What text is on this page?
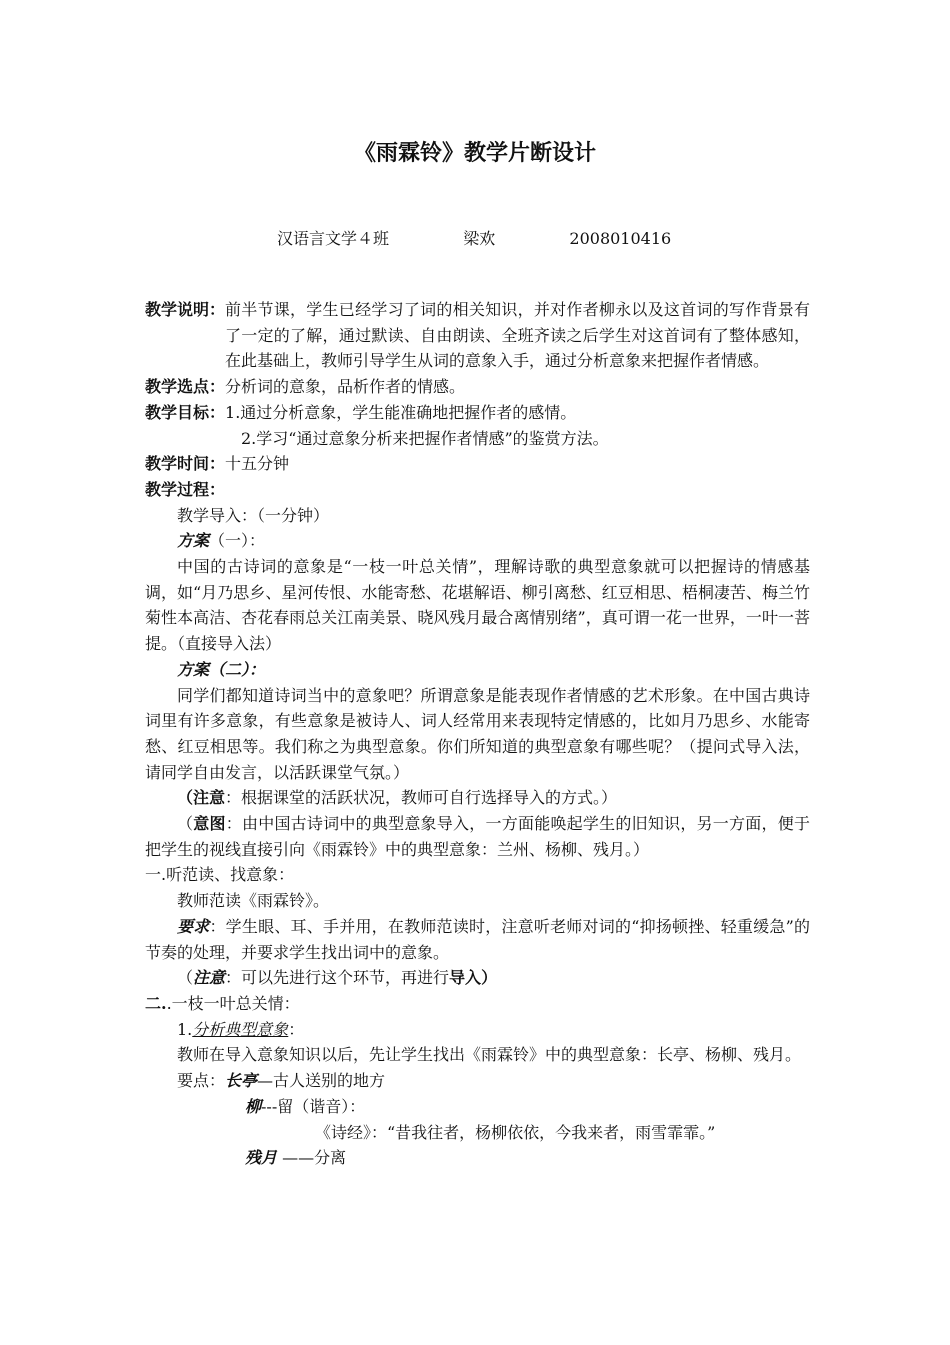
《雨霖铃》教学片断设计
汉语言文学４班	梁欢	2008010416
教学说明： 前半节课，学生已经学习了词的相关知识，并对作者柳永以及这首词的写作背景有了一定的了解，通过默读、自由朗读、全班齐读之后学生对这首词有了整体感知，在此基础上，教师引导学生从词的意象入手，通过分析意象来把握作者情感。
教学选点： 分析词的意象，品析作者的情感。
教学目标： 1.通过分析意象，学生能准确地把握作者的感情。

2.学习“通过意象分析来把握作者情感”的鉴赏方法。

教学时间： 十五分钟

教学过程：

教学导入：（一分钟）

方案（一）：

中国的古诗词的意象是“一枝一叶总关情”，理解诗歌的典型意象就可以把握诗的情感基调，如“月乃思乡、星河传恨、水能寄愁、花堪解语、柳引离愁、红豆相思、梧桐凄苦、梅兰竹菊性本高洁、杏花春雨总关江南美景、晓风残月最合离情别绪”，真可谓一花一世界，一叶一菩提。（直接导入法）

方案（二）：

同学们都知道诗词当中的意象吧？所谓意象是能表现作者情感的艺术形象。在中国古典诗词里有许多意象，有些意象是被诗人、词人经常用来表现特定情感的，比如月乃思乡、水能寄愁、红豆相思等。我们称之为典型意象。你们所知道的典型意象有哪些呢？（提问式导入法，请同学自由发言，以活跃课堂气氛。）

（注意：根据课堂的活跃状况，教师可自行选择导入的方式。）

（意图：由中国古诗词中的典型意象导入，一方面能唤起学生的旧知识，另一方面，便于把学生的视线直接引向《雨霖铃》中的典型意象：兰州、杨柳、残月。）

一.听范读、找意象：

教师范读《雨霖铃》。

要求：学生眼、耳、手并用，在教师范读时，注意听老师对词的“抑扬顿挫、轻重缓急”的节奏的处理，并要求学生找出词中的意象。

（注意：可以先进行这个环节，再进行导入）

二..一枝一叶总关情：

1.分析典型意象：

教师在导入意象知识以后，先让学生找出《雨霖铃》中的典型意象：长亭、杨柳、残月。

要点：长亭—古人送别的地方

柳---留（谐音）：

《诗经》：“昔我往者，杨柳依依，今我来者，雨雪霏霏。”

残月 ——分离
